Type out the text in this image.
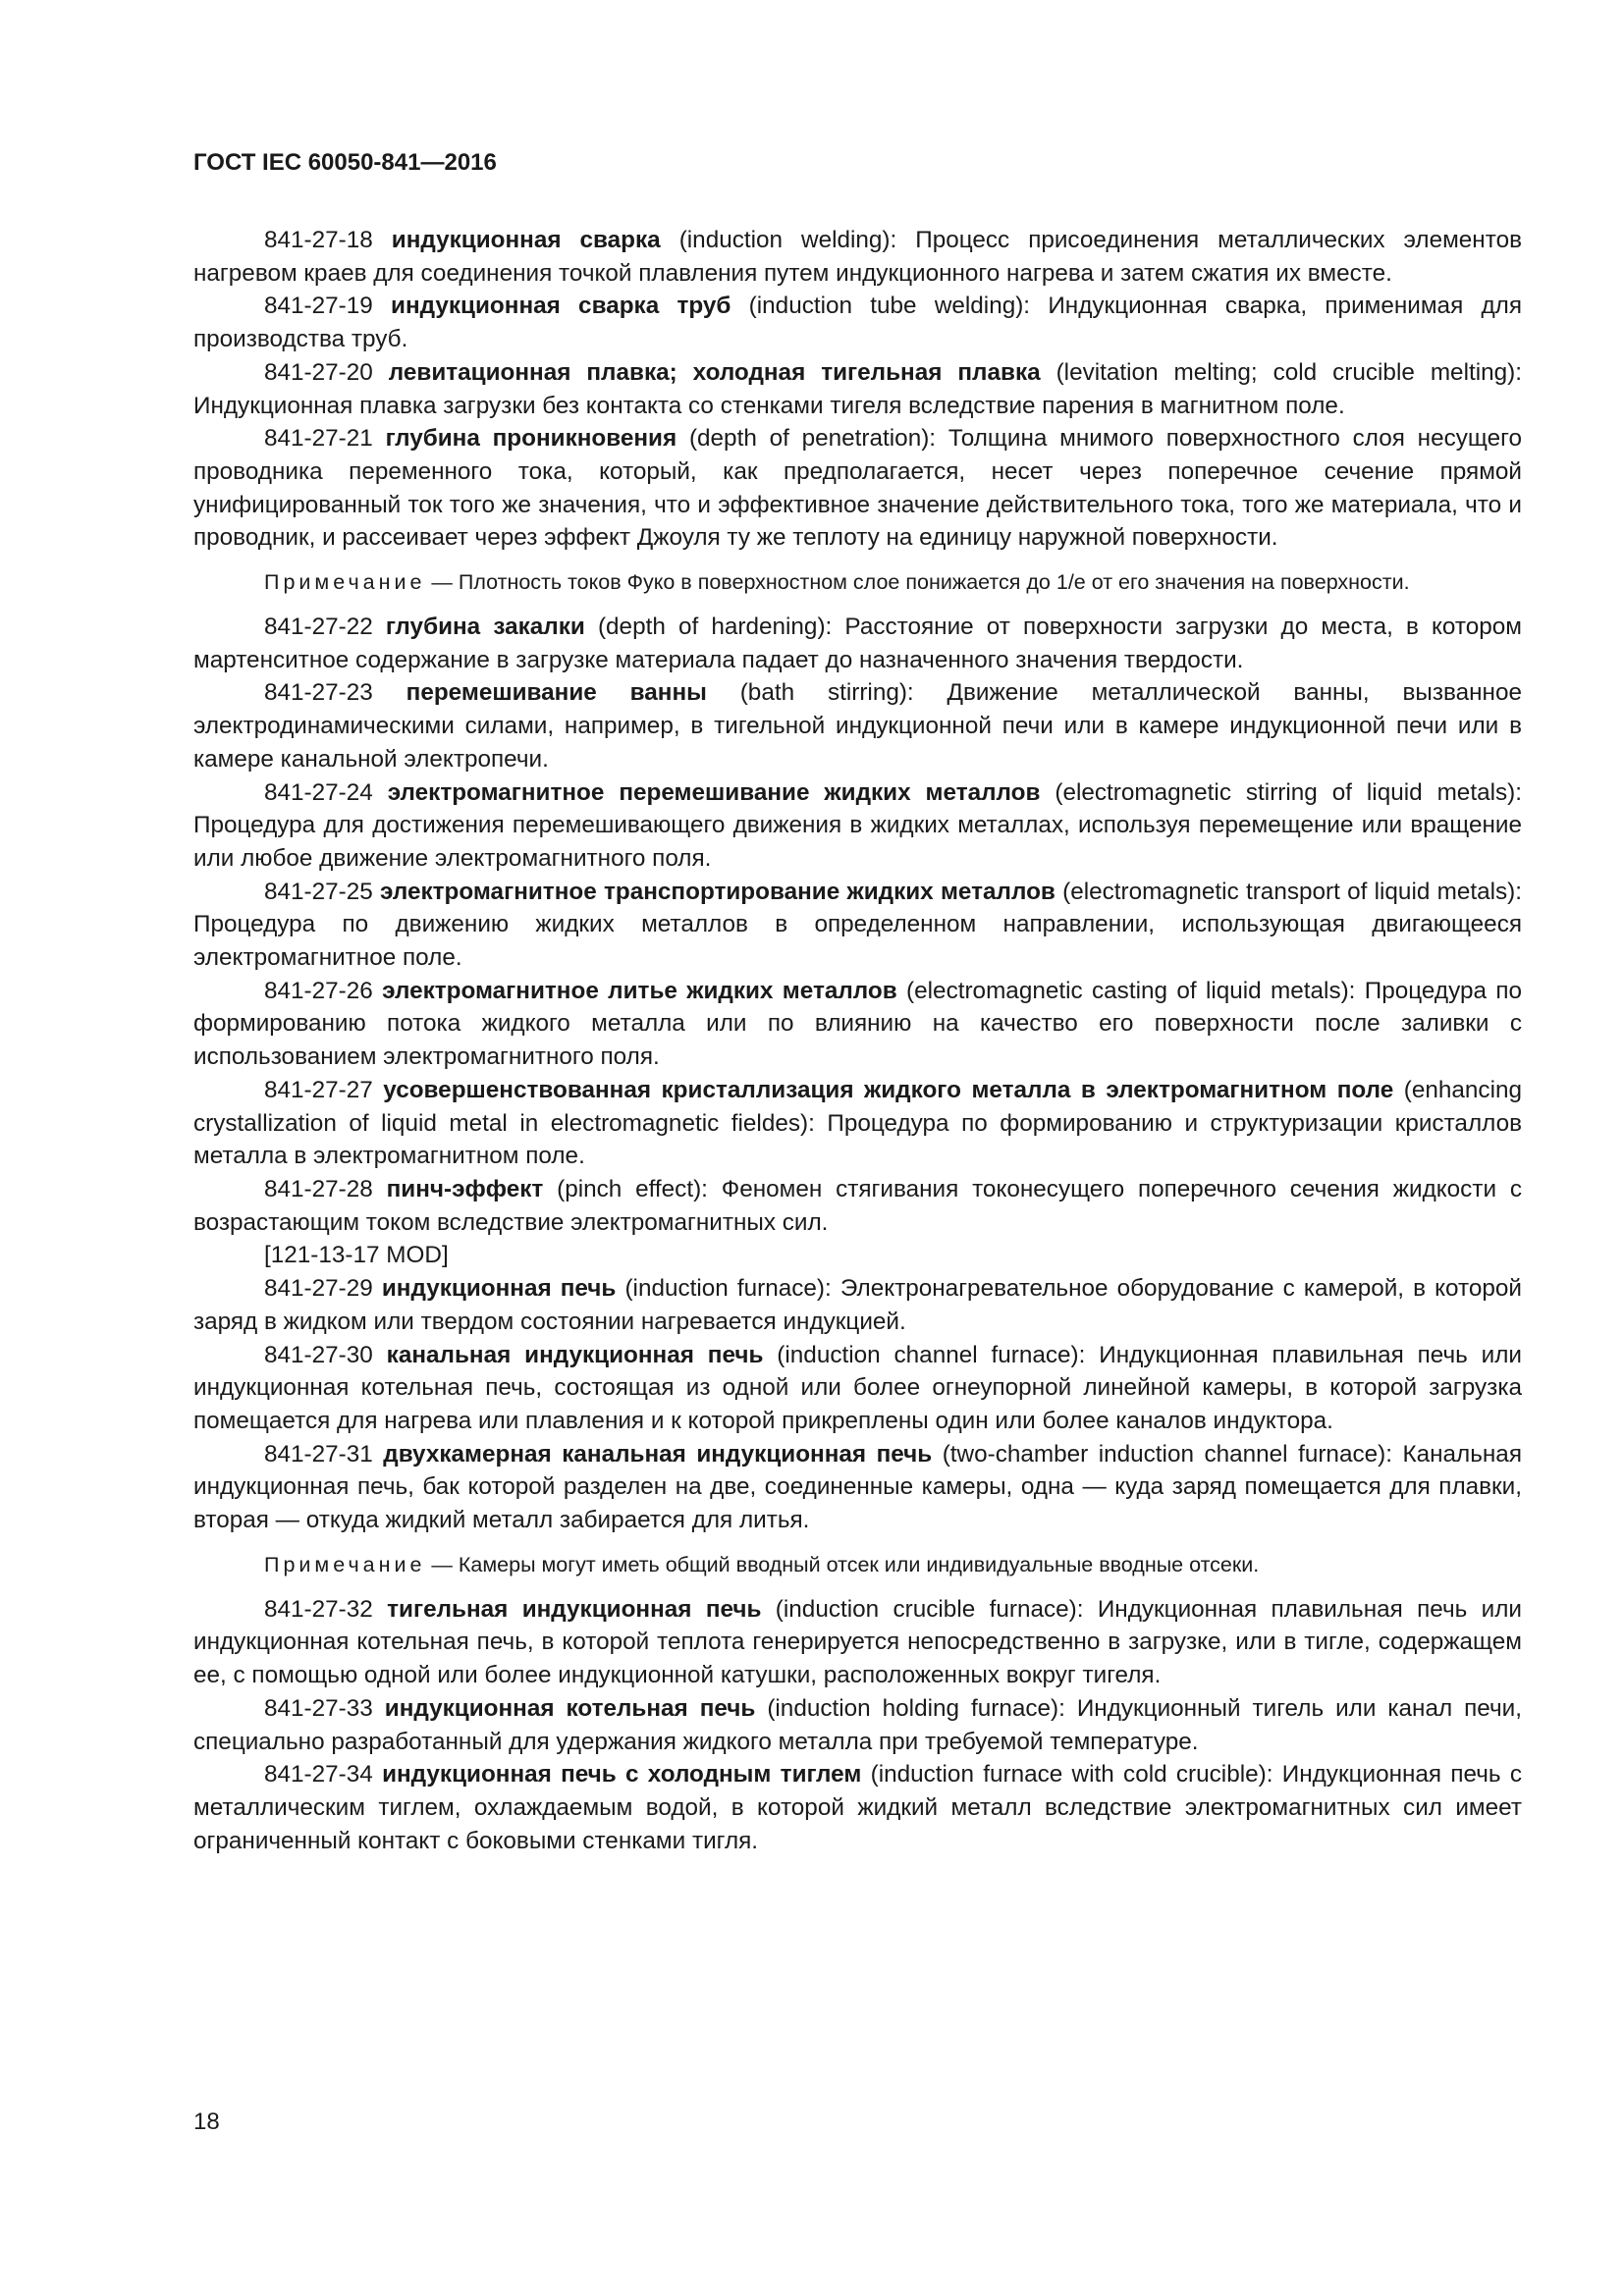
ГОСТ IEC 60050-841—2016

841-27-18 индукционная сварка (induction welding): Процесс присоединения металлических элементов нагревом краев для соединения точкой плавления путем индукционного нагрева и затем сжатия их вместе.

841-27-19 индукционная сварка труб (induction tube welding): Индукционная сварка, применимая для производства труб.

841-27-20 левитационная плавка; холодная тигельная плавка (levitation melting; cold crucible melting): Индукционная плавка загрузки без контакта со стенками тигеля вследствие парения в магнитном поле.

841-27-21 глубина проникновения (depth of penetration): Толщина мнимого поверхностного слоя несущего проводника переменного тока, который, как предполагается, несет через поперечное сечение прямой унифицированный ток того же значения, что и эффективное значение действительного тока, того же материала, что и проводник, и рассеивает через эффект Джоуля ту же теплоту на единицу наружной поверхности.

Примечание — Плотность токов Фуко в поверхностном слое понижается до 1/е от его значения на поверхности.

841-27-22 глубина закалки (depth of hardening): Расстояние от поверхности загрузки до места, в котором мартенситное содержание в загрузке материала падает до назначенного значения твердости.

841-27-23 перемешивание ванны (bath stirring): Движение металлической ванны, вызванное электродинамическими силами, например, в тигельной индукционной печи или в камере индукционной печи или в камере канальной электропечи.

841-27-24 электромагнитное перемешивание жидких металлов (electromagnetic stirring of liquid metals): Процедура для достижения перемешивающего движения в жидких металлах, используя перемещение или вращение или любое движение электромагнитного поля.

841-27-25 электромагнитное транспортирование жидких металлов (electromagnetic transport of liquid metals): Процедура по движению жидких металлов в определенном направлении, использующая двигающееся электромагнитное поле.

841-27-26 электромагнитное литье жидких металлов (electromagnetic casting of liquid metals): Процедура по формированию потока жидкого металла или по влиянию на качество его поверхности после заливки с использованием электромагнитного поля.

841-27-27 усовершенствованная кристаллизация жидкого металла в электромагнитном поле (enhancing crystallization of liquid metal in electromagnetic fieldes): Процедура по формированию и структуризации кристаллов металла в электромагнитном поле.

841-27-28 пинч-эффект (pinch effect): Феномен стягивания токонесущего поперечного сечения жидкости с возрастающим током вследствие электромагнитных сил.

[121-13-17 MOD]

841-27-29 индукционная печь (induction furnace): Электронагревательное оборудование с камерой, в которой заряд в жидком или твердом состоянии нагревается индукцией.

841-27-30 канальная индукционная печь (induction channel furnace): Индукционная плавильная печь или индукционная котельная печь, состоящая из одной или более огнеупорной линейной камеры, в которой загрузка помещается для нагрева или плавления и к которой прикреплены один или более каналов индуктора.

841-27-31 двухкамерная канальная индукционная печь (two-chamber induction channel furnace): Канальная индукционная печь, бак которой разделен на две, соединенные камеры, одна — куда заряд помещается для плавки, вторая — откуда жидкий металл забирается для литья.

Примечание — Камеры могут иметь общий вводный отсек или индивидуальные вводные отсеки.

841-27-32 тигельная индукционная печь (induction crucible furnace): Индукционная плавильная печь или индукционная котельная печь, в которой теплота генерируется непосредственно в загрузке, или в тигле, содержащем ее, с помощью одной или более индукционной катушки, расположенных вокруг тигеля.

841-27-33 индукционная котельная печь (induction holding furnace): Индукционный тигель или канал печи, специально разработанный для удержания жидкого металла при требуемой температуре.

841-27-34 индукционная печь с холодным тиглем (induction furnace with cold crucible): Индукционная печь с металлическим тиглем, охлаждаемым водой, в которой жидкий металл вследствие электромагнитных сил имеет ограниченный контакт с боковыми стенками тигля.

18
